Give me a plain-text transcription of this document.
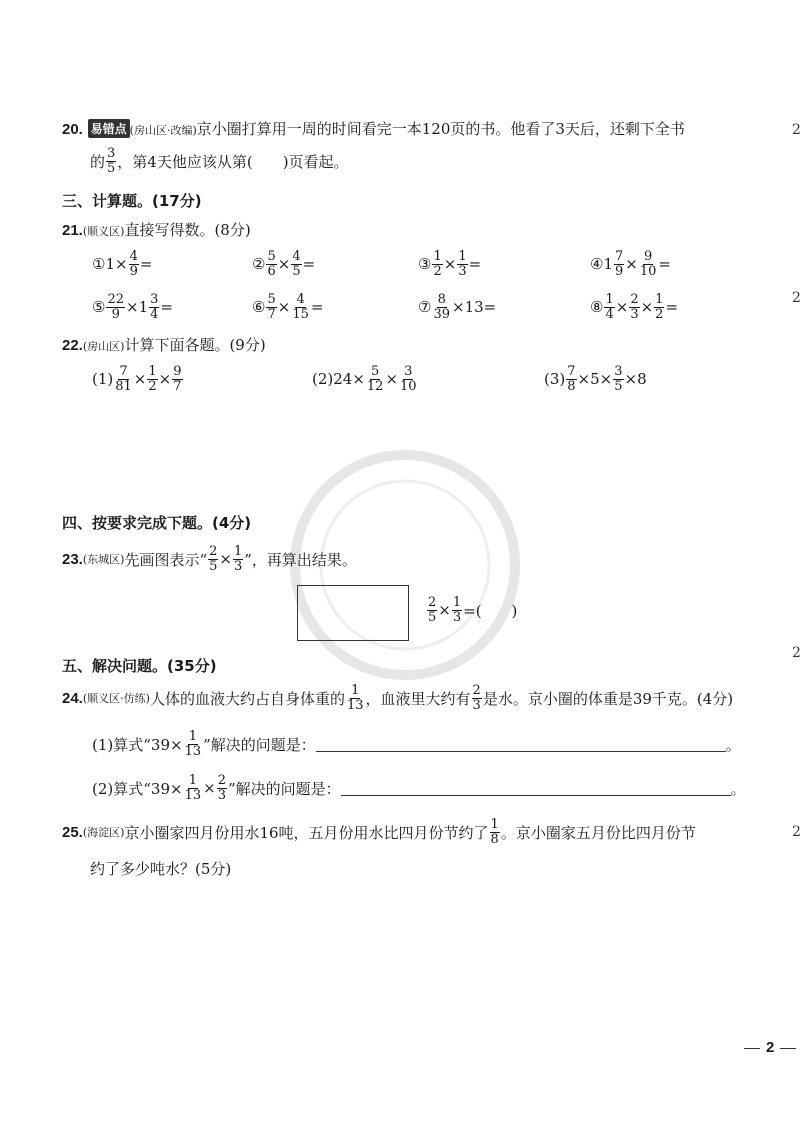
20. 易错点 (房山区·改编)京小圈打算用一周的时间看完一本120页的书。他看了3天后，还剩下全书
的 $\frac{3}{5}$ ，第4天他应该从第(　　)页看起。
三、计算题。(17分)
21.(顺义区)直接写得数。(8分)
①1× $\frac{4}{9}$ =	② $\frac{5}{6} \times \frac{4}{5}$ =	③ $\frac{1}{2} \times \frac{1}{3}$ =	④1 $\frac{7}{9} \times \frac{9}{10}$ =
⑤ $\frac{22}{9} \times 1 \frac{3}{4}$ =	⑥ $\frac{5}{7} \times \frac{4}{15}$ =	⑦ $\frac{8}{39} \times 13=$	⑧ $\frac{1}{4} \times \frac{2}{3} \times \frac{1}{2}$ =
22.(房山区)计算下面各题。(9分)
$(1) \frac{7}{81} \times \frac{1}{2} \times \frac{9}{7}$	$(2)24\times \frac{5}{12} \times \frac{3}{10}$	$(3) \frac{7}{8} \times 5\times \frac{3}{5} \times 8$
四、按要求完成下题。(4分)
23. (东城区) 先画图表示“ $\frac{2}{5} \times \frac{1}{3}$ ”，再算出结果。
$\frac{2}{5} \times \frac{1}{3}$ =(　　)
五、解决问题。(35分)
24. (顺义区·仿练) 人体的血液大约占自身体重的 $\frac{1}{13}$ ，血液里大约有 $\frac{2}{3}$ 是水。京小圈的体重是39千克。(4分)
(1)算式“$39\times \frac{1}{13}$ ”解决的问题是：	。
(2)算式“$39\times \frac{1}{13} \times \frac{2}{3}$ ”解决的问题是：	。
25. (海淀区) 京小圈家四月份用水16吨，五月份用水比四月份节约了 $\frac{1}{8}$ 。京小圈家五月份比四月份节
约了多少吨水？(5分)
2
2
2
2
2
